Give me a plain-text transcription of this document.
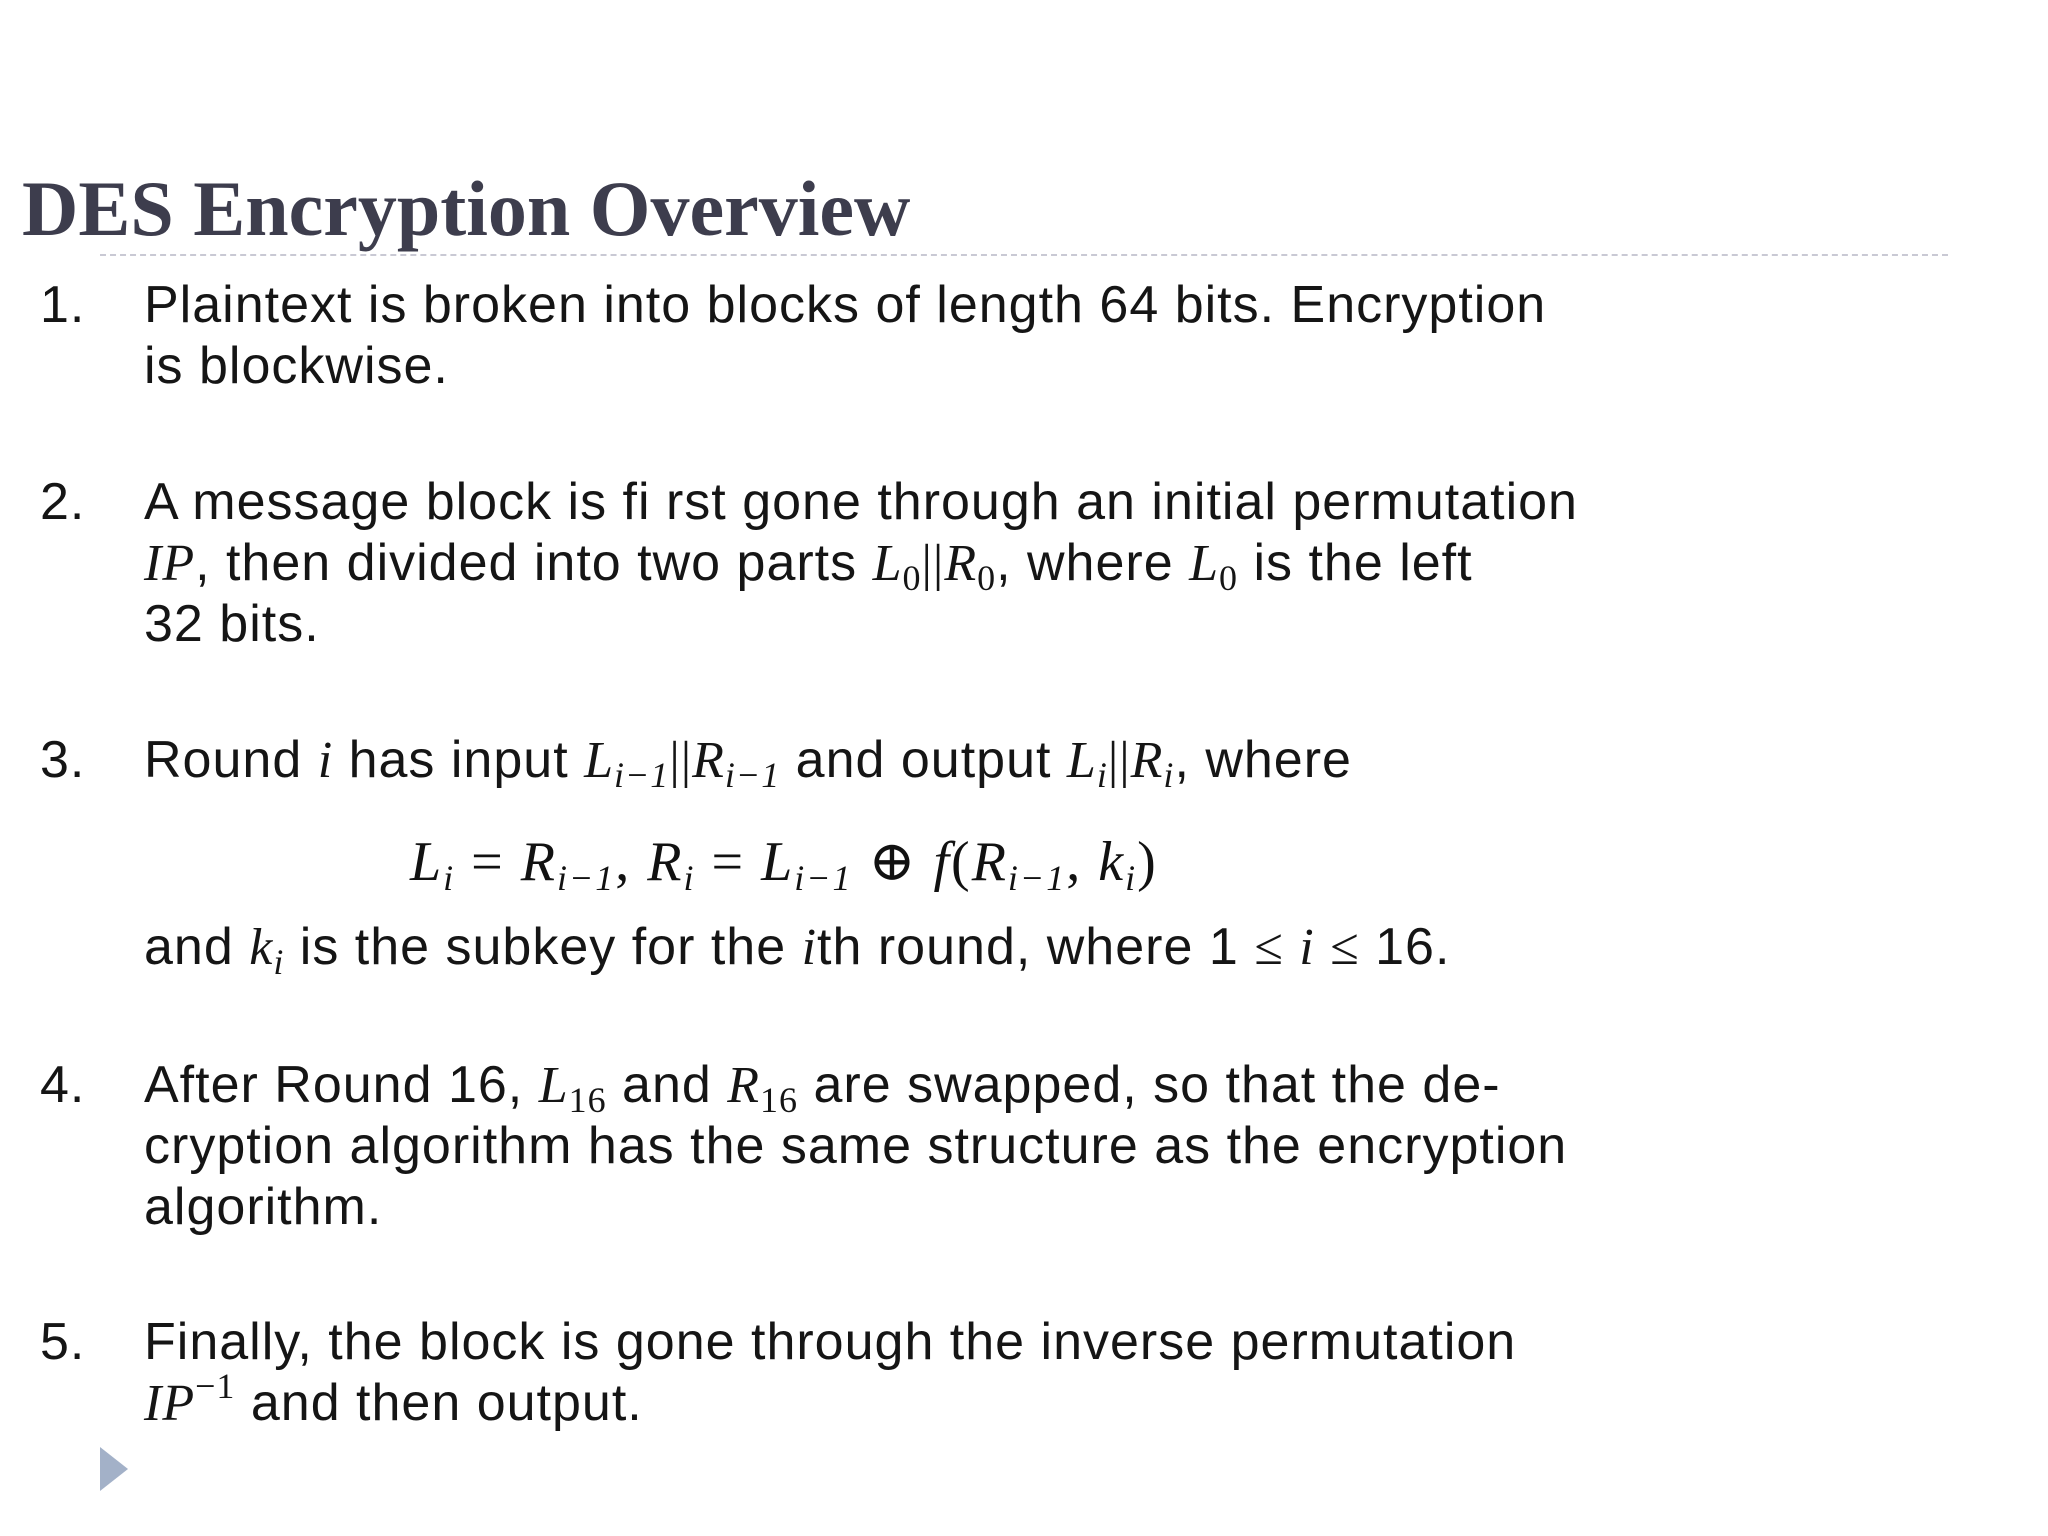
DES Encryption Overview
1.	Plaintext is broken into blocks of length 64 bits. Encryption
is blockwise.
2.	A message block is fi rst gone through an initial permutation
IP, then divided into two parts $L_0||R_0$, where $L_0$ is the left
32 bits.
3.	Round i has input Li−1||Ri−1 and output Li||Ri, where
Li = Ri−1, Ri = Li−1 ⊕ f(Ri−1, ki)
and ki is the subkey for the ith round, where 1 ≤ i ≤ 16.
4.	After Round 16, $L_{16}$ and $R_{16}$ are swapped, so that the de-
cryption algorithm has the same structure as the encryption
algorithm.
5.	Finally, the block is gone through the inverse permutation
$IP^{-1}$ and then output.
